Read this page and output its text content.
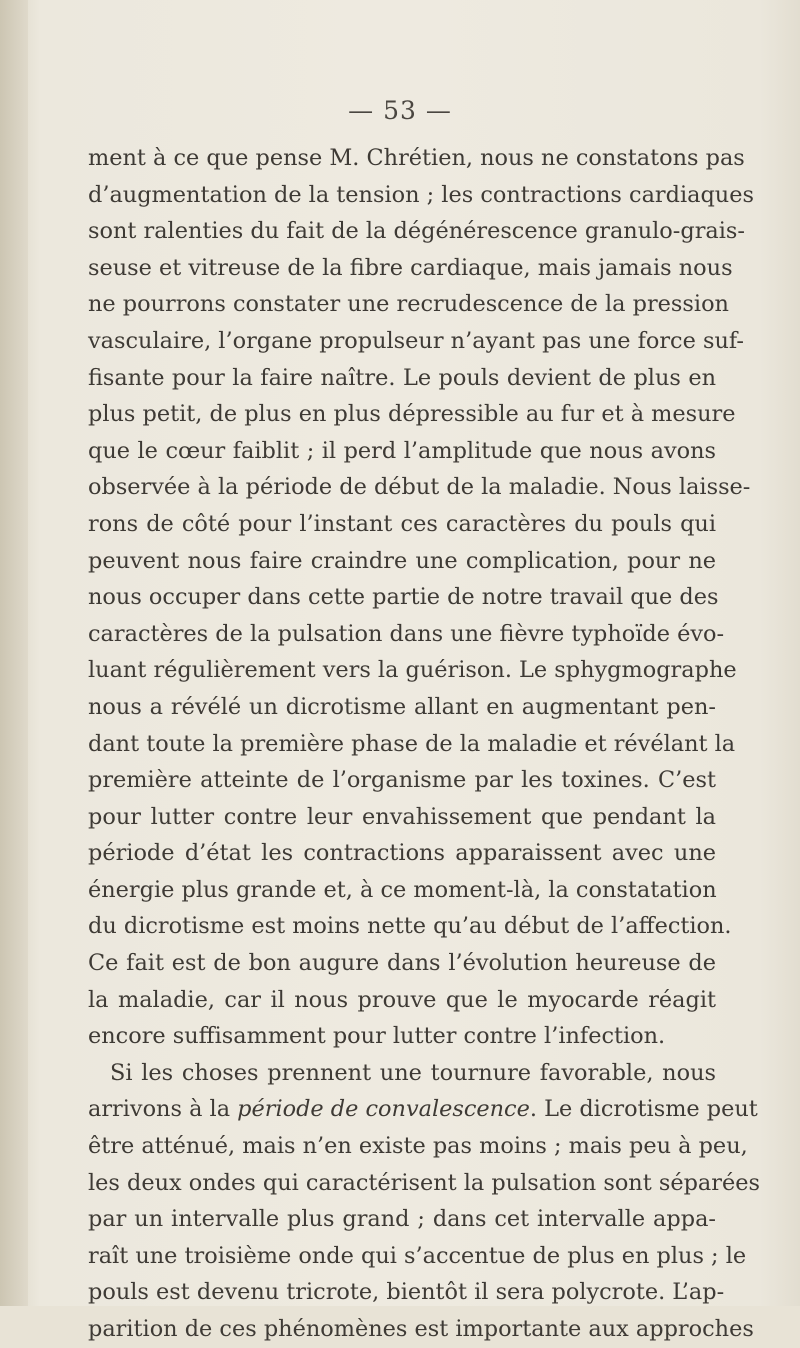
— 53 —
ment à ce que pense M. Chrétien, nous ne constatons pas
d’augmentation de la tension ; les contractions cardiaques
sont ralenties du fait de la dégénérescence granulo-grais-
seuse et vitreuse de la fibre cardiaque, mais jamais nous
ne pourrons constater une recrudescence de la pression
vasculaire, l’organe propulseur n’ayant pas une force suf-
fisante pour la faire naître. Le pouls devient de plus en
plus petit, de plus en plus dépressible au fur et à mesure
que le cœur faiblit ; il perd l’amplitude que nous avons
observée à la période de début de la maladie. Nous laisse-
rons de côté pour l’instant ces caractères du pouls qui
peuvent nous faire craindre une complication, pour ne
nous occuper dans cette partie de notre travail que des
caractères de la pulsation dans une fièvre typhoïde évo-
luant régulièrement vers la guérison. Le sphygmographe
nous a révélé un dicrotisme allant en augmentant pen-
dant toute la première phase de la maladie et révélant la
première atteinte de l’organisme par les toxines. C’est
pour lutter contre leur envahissement que pendant la
période d’état les contractions apparaissent avec une
énergie plus grande et, à ce moment-là, la constatation
du dicrotisme est moins nette qu’au début de l’affection.
Ce fait est de bon augure dans l’évolution heureuse de
la maladie, car il nous prouve que le myocarde réagit
encore suffisamment pour lutter contre l’infection.
Si les choses prennent une tournure favorable, nous
arrivons à la période de convalescence. Le dicrotisme peut
être atténué, mais n’en existe pas moins ; mais peu à peu,
les deux ondes qui caractérisent la pulsation sont séparées
par un intervalle plus grand ; dans cet intervalle appa-
raît une troisième onde qui s’accentue de plus en plus ; le
pouls est devenu tricrote, bientôt il sera polycrote. L’ap-
parition de ces phénomènes est importante aux approches
